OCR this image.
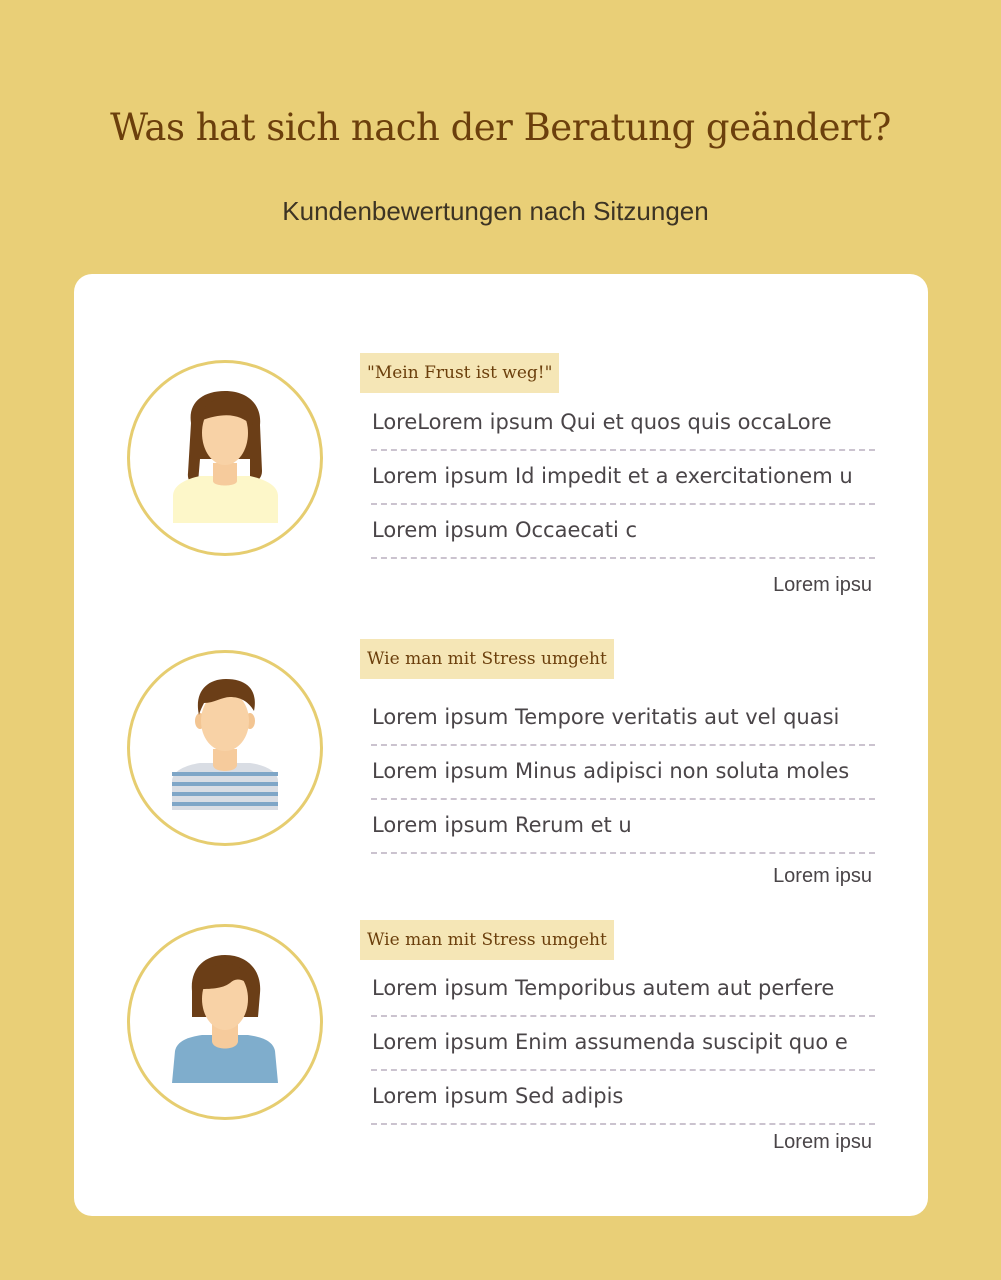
Was hat sich nach der Beratung geändert?
Kundenbewertungen nach Sitzungen
"Mein Frust ist weg!"
LoreLorem ipsum Qui et quos quis occaLore
Lorem ipsum Id impedit et a exercitationem u
Lorem ipsum Occaecati c
Lorem ipsu
Wie man mit Stress umgeht
Lorem ipsum Tempore veritatis aut vel quasi
Lorem ipsum Minus adipisci non soluta moles
Lorem ipsum Rerum et u
Lorem ipsu
Wie man mit Stress umgeht
Lorem ipsum Temporibus autem aut perfere
Lorem ipsum Enim assumenda suscipit quo e
Lorem ipsum Sed adipis
Lorem ipsu
